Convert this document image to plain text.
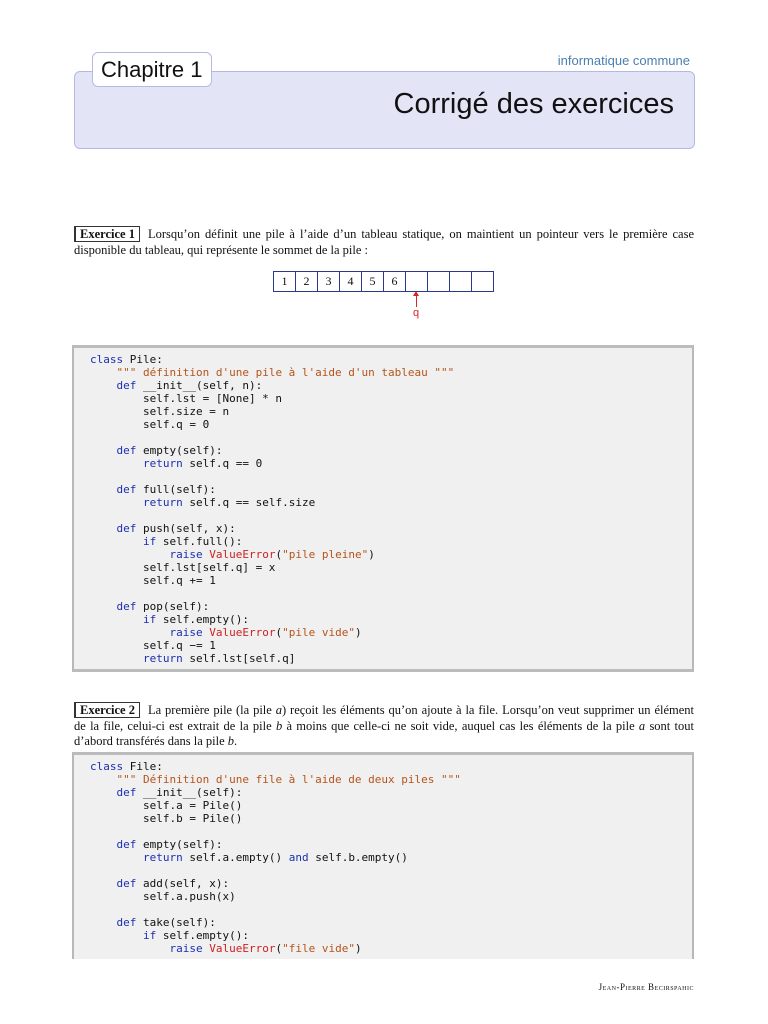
informatique commune
Chapitre 1
Corrigé des exercices
Exercice 1 Lorsqu’on définit une pile à l’aide d’un tableau statique, on maintient un pointeur vers le première case disponible du tableau, qui représente le sommet de la pile :
1	2	3	4	5	6
q
class Pile:
""" définition d'une pile à l'aide d'un tableau """
def __init__(self, n):
self.lst = [None] * n
self.size = n
self.q = 0

def empty(self):
return self.q == 0

def full(self):
return self.q == self.size

def push(self, x):
if self.full():
raise ValueError("pile pleine")
self.lst[self.q] = x
self.q += 1

def pop(self):
if self.empty():
raise ValueError("pile vide")
self.q −= 1
return self.lst[self.q]
Exercice 2 La première pile (la pile a) reçoit les éléments qu’on ajoute à la file. Lorsqu’on veut supprimer un élément de la file, celui-ci est extrait de la pile b à moins que celle-ci ne soit vide, auquel cas les éléments de la pile a sont tout d’abord transférés dans la pile b.
class File:
""" Définition d'une file à l'aide de deux piles """
def __init__(self):
self.a = Pile()
self.b = Pile()

def empty(self):
return self.a.empty() and self.b.empty()

def add(self, x):
self.a.push(x)

def take(self):
if self.empty():
raise ValueError("file vide")
Jean-Pierre Becirspahic
